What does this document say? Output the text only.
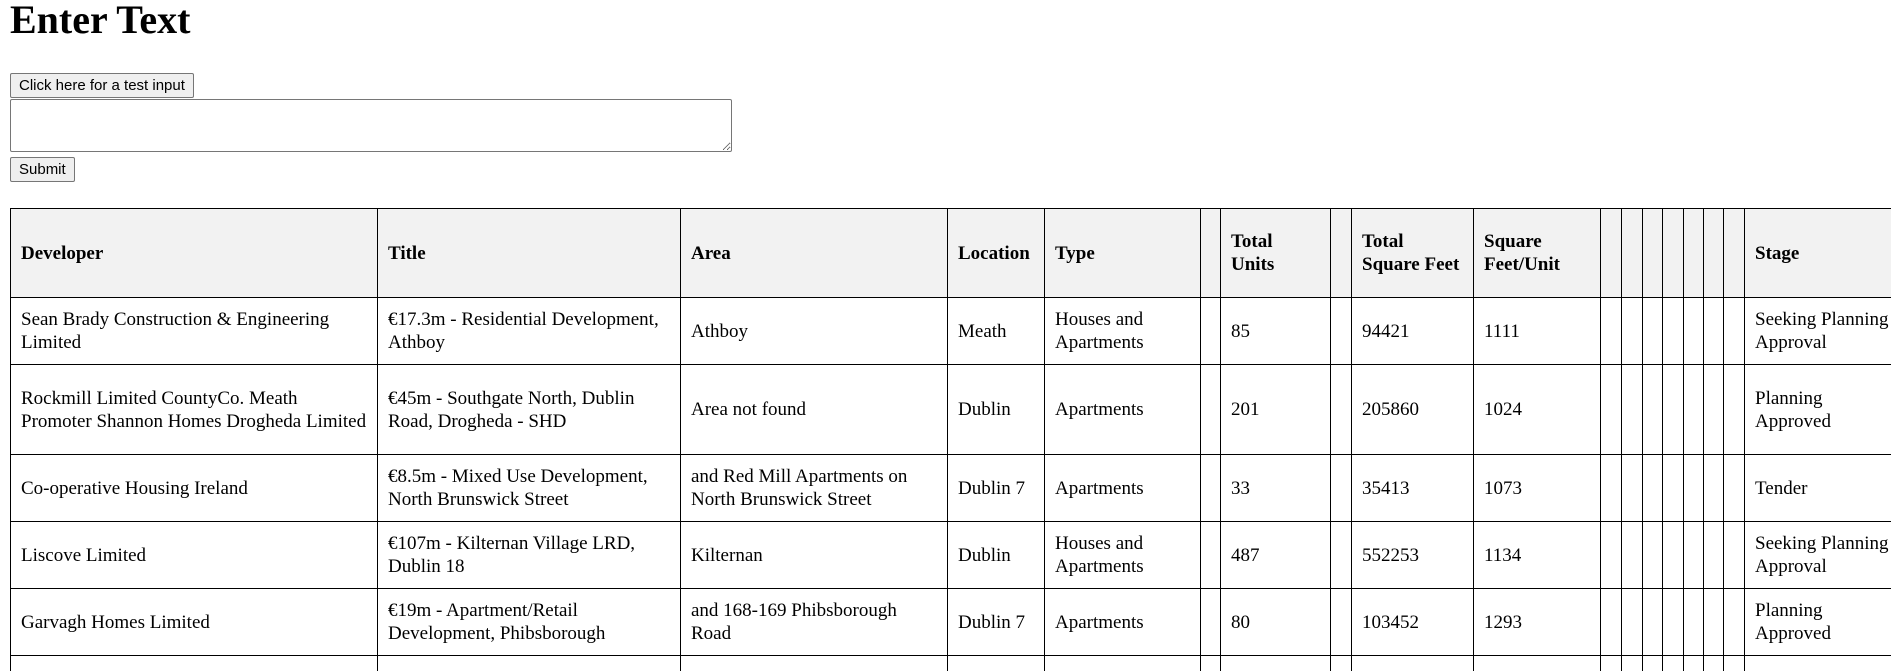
Enter Text
Click here for a test input
Submit
Developer	Title	Area	Location	Type		Total Units		Total Square Feet	Square Feet/Unit								Stage
Sean Brady Construction & Engineering Limited	€17.3m - Residential Development, Athboy	Athboy	Meath	Houses and Apartments		85		94421	1111								Seeking Planning Approval
Rockmill Limited CountyCo. Meath Promoter Shannon Homes Drogheda Limited	€45m - Southgate North, Dublin Road, Drogheda - SHD	Area not found	Dublin	Apartments		201		205860	1024								Planning Approved
Co-operative Housing Ireland	€8.5m - Mixed Use Development, North Brunswick Street	and Red Mill Apartments on North Brunswick Street	Dublin 7	Apartments		33		35413	1073								Tender
Liscove Limited	€107m - Kilternan Village LRD, Dublin 18	Kilternan	Dublin	Houses and Apartments		487		552253	1134								Seeking Planning Approval
Garvagh Homes Limited	€19m - Apartment/Retail Development, Phibsborough	and 168-169 Phibsborough Road	Dublin 7	Apartments		80		103452	1293								Planning Approved
